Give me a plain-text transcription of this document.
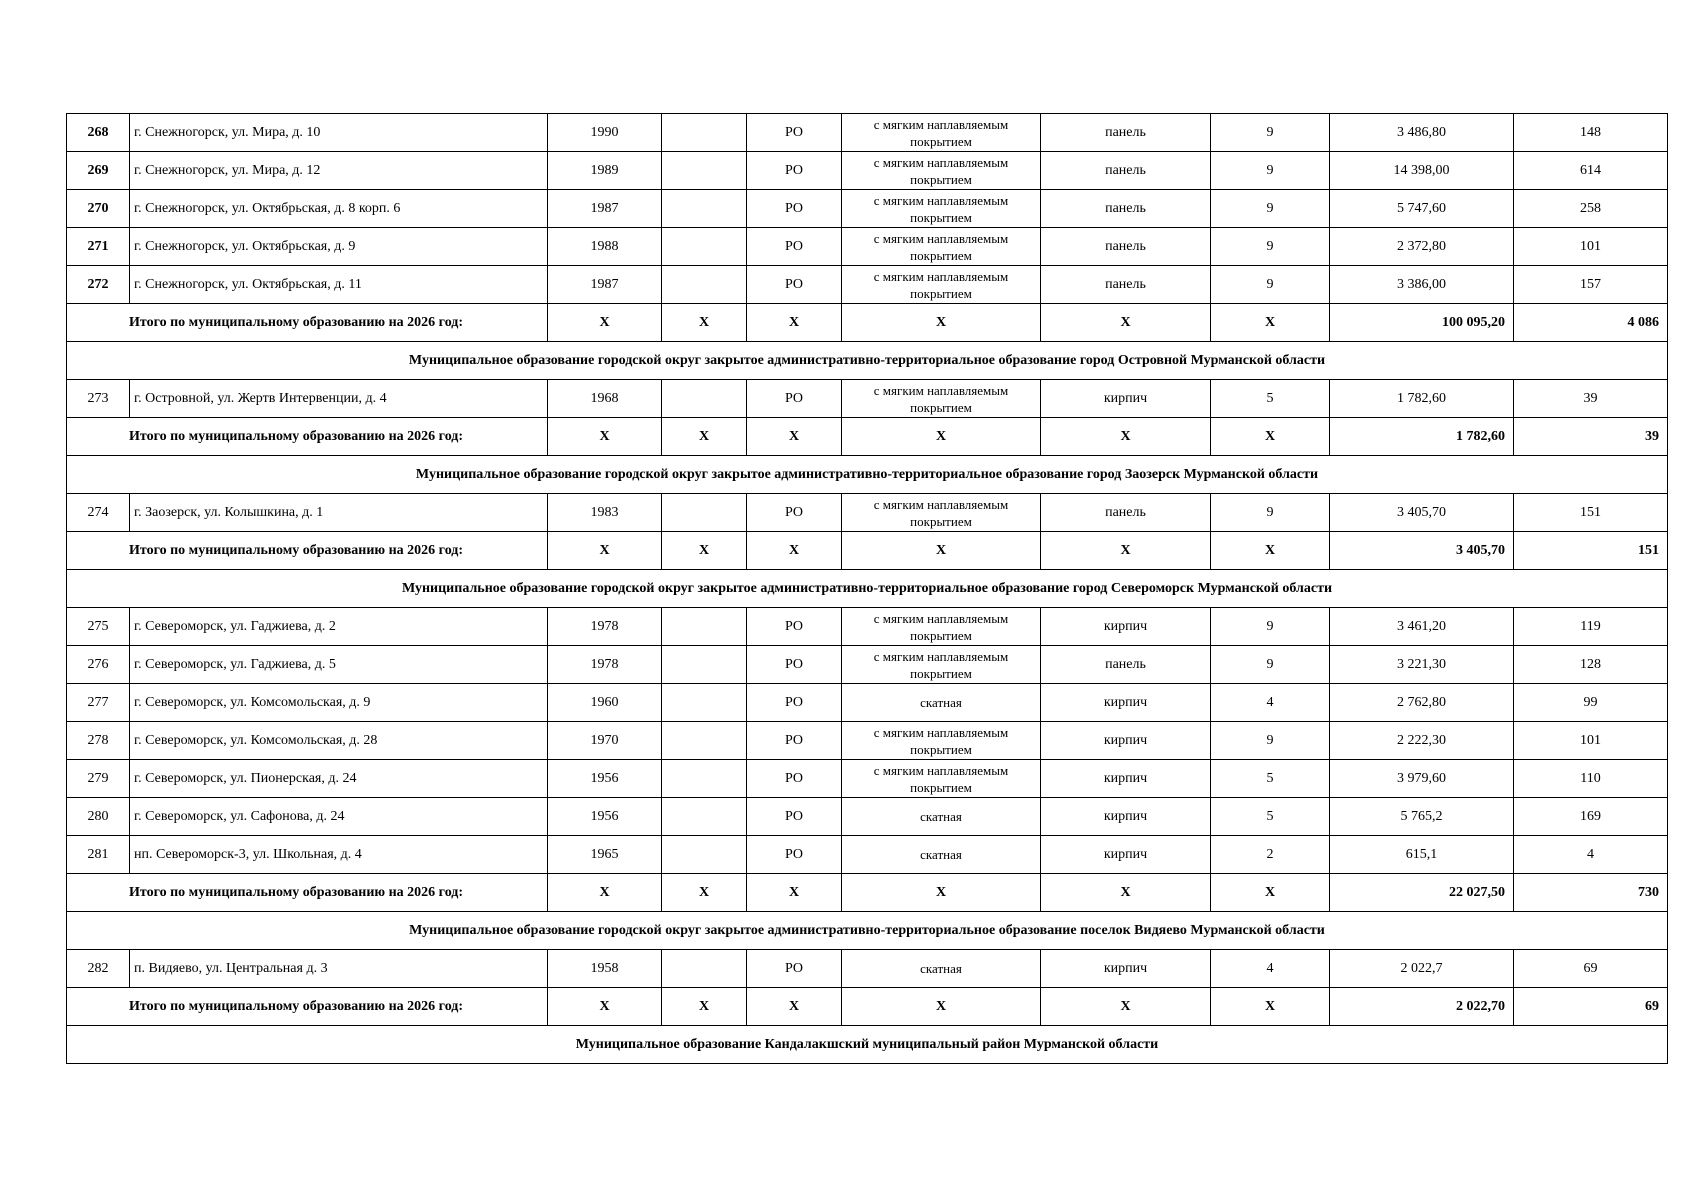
268	г. Снежногорск, ул. Мира, д. 10	1990		РО	с мягким наплавляемым покрытием	панель	9	3 486,80	148
269	г. Снежногорск, ул. Мира, д. 12	1989		РО	с мягким наплавляемым покрытием	панель	9	14 398,00	614
270	г. Снежногорск, ул. Октябрьская, д. 8 корп. 6	1987		РО	с мягким наплавляемым покрытием	панель	9	5 747,60	258
271	г. Снежногорск, ул. Октябрьская, д. 9	1988		РО	с мягким наплавляемым покрытием	панель	9	2 372,80	101
272	г. Снежногорск, ул. Октябрьская, д. 11	1987		РО	с мягким наплавляемым покрытием	панель	9	3 386,00	157
Итого по муниципальному образованию на 2026 год:		X	X	X	X	X	X	100 095,20	4 086
Муниципальное образование городской округ закрытое административно-территориальное образование город Островной Мурманской области									
273	г. Островной, ул. Жертв Интервенции, д. 4	1968		РО	с мягким наплавляемым покрытием	кирпич	5	1 782,60	39
Итого по муниципальному образованию на 2026 год:		X	X	X	X	X	X	1 782,60	39
Муниципальное образование городской округ закрытое административно-территориальное образование город Заозерск Мурманской области									
274	г. Заозерск, ул. Колышкина, д. 1	1983		РО	с мягким наплавляемым покрытием	панель	9	3 405,70	151
Итого по муниципальному образованию на 2026 год:		X	X	X	X	X	X	3 405,70	151
Муниципальное образование городской округ закрытое административно-территориальное образование город Североморск Мурманской области									
275	г. Североморск, ул. Гаджиева, д. 2	1978		РО	с мягким наплавляемым покрытием	кирпич	9	3 461,20	119
276	г. Североморск, ул. Гаджиева, д. 5	1978		РО	с мягким наплавляемым покрытием	панель	9	3 221,30	128
277	г. Североморск, ул. Комсомольская, д. 9	1960		РО	скатная	кирпич	4	2 762,80	99
278	г. Североморск, ул. Комсомольская, д. 28	1970		РО	с мягким наплавляемым покрытием	кирпич	9	2 222,30	101
279	г. Североморск, ул. Пионерская, д. 24	1956		РО	с мягким наплавляемым покрытием	кирпич	5	3 979,60	110
280	г. Североморск, ул. Сафонова, д. 24	1956		РО	скатная	кирпич	5	5 765,2	169
281	нп. Североморск-3, ул. Школьная, д. 4	1965		РО	скатная	кирпич	2	615,1	4
Итого по муниципальному образованию на 2026 год:		X	X	X	X	X	X	22 027,50	730
Муниципальное образование городской округ закрытое административно-территориальное образование поселок Видяево Мурманской области									
282	п. Видяево, ул. Центральная д. 3	1958		РО	скатная	кирпич	4	2 022,7	69
Итого по муниципальному образованию на 2026 год:		X	X	X	X	X	X	2 022,70	69
Муниципальное образование Кандалакшский муниципальный район Мурманской области									
